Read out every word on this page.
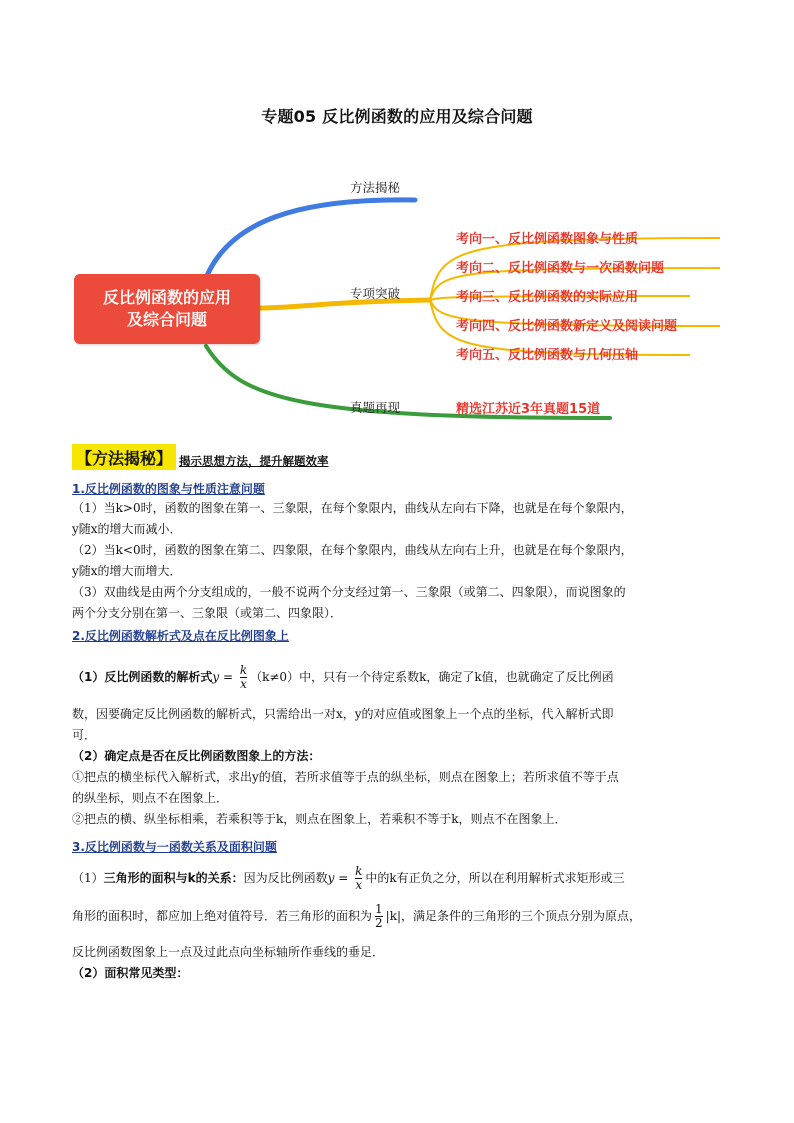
专题05 反比例函数的应用及综合问题
反比例函数的应用
及综合问题
方法揭秘
专项突破
真题再现
考向一、反比例函数图象与性质
考向二、反比例函数与一次函数问题
考向三、反比例函数的实际应用
考向四、反比例函数新定义及阅读问题
考向五、反比例函数与几何压轴
精选江苏近3年真题15道
【方法揭秘】 揭示思想方法，提升解题效率
1.反比例函数的图象与性质注意问题
（1）当k>0时，函数的图象在第一、三象限，在每个象限内，曲线从左向右下降，也就是在每个象限内，
y随x的增大而减小．
（2）当k<0时，函数的图象在第二、四象限，在每个象限内，曲线从左向右上升，也就是在每个象限内，
y随x的增大而增大．
（3）双曲线是由两个分支组成的，一般不说两个分支经过第一、三象限（或第二、四象限），而说图象的
两个分支分别在第一、三象限（或第二、四象限）．
2.反比例函数解析式及点在反比例图象上
（1）反比例函数的解析式$y = \frac{k}{x} (k\ne 0)$中，只有一个待定系数k，确定了k值，也就确定了反比例函
数，因要确定反比例函数的解析式，只需给出一对x，y的对应值或图象上一个点的坐标，代入解析式即
可．
（2）确定点是否在反比例函数图象上的方法：
①把点的横坐标代入解析式，求出y的值，若所求值等于点的纵坐标，则点在图象上；若所求值不等于点
的纵坐标，则点不在图象上．
②把点的横、纵坐标相乘，若乘积等于k，则点在图象上，若乘积不等于k，则点不在图象上．
3.反比例函数与一函数关系及面积问题
（1）三角形的面积与k的关系：因为反比例函数$y = \frac{k}{x}$ 中的k有正负之分，所以在利用解析式求矩形或三
角形的面积时，都应加上绝对值符号．若三角形的面积为 $\frac{1}{2} |k|$，满足条件的三角形的三个顶点分别为原点，
反比例函数图象上一点及过此点向坐标轴所作垂线的垂足．
（2）面积常见类型：
